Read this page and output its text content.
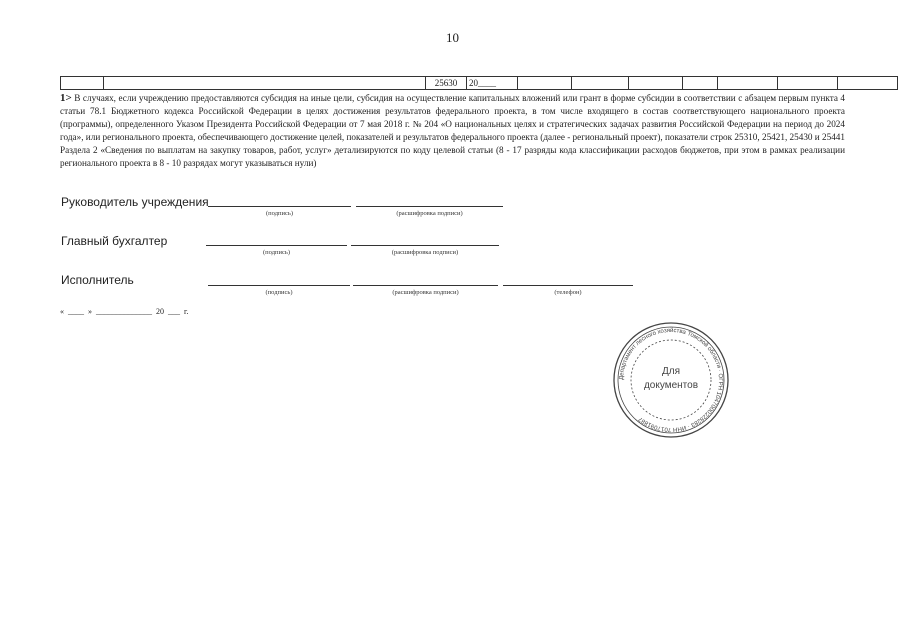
10
		25630	20____							
1> В случаях, если учреждению предоставляются субсидия на иные цели, субсидия на осуществление капитальных вложений или грант в форме субсидии в соответствии с абзацем первым пункта 4 статьи 78.1 Бюджетного кодекса Российской Федерации в целях достижения результатов федерального проекта, в том числе входящего в состав соответствующего национального проекта (программы), определенного Указом Президента Российской Федерации от 7 мая 2018 г. № 204 «О национальных целях и стратегических задачах развития Российской Федерации на период до 2024 года», или регионального проекта, обеспечивающего достижение целей, показателей и результатов федерального проекта (далее - региональный проект), показатели строк 25310, 25421, 25430 и 25441 Раздела 2 «Сведения по выплатам на закупку товаров, работ, услуг» детализируются по коду целевой статьи (8 - 17 разряды кода классификации расходов бюджетов, при этом в рамках реализации регионального проекта в 8 - 10 разрядах могут указываться нули)
Руководитель учреждения
(подпись)	(расшифровка подписи)
Главный бухгалтер
(подпись)	(расшифровка подписи)
Исполнитель
(подпись)	(расшифровка подписи)	(телефон)
«  ____  »  ______________  20  ___  г.
Департамент лесного хозяйства Томской области · ОГРН 1047000228283 · ИНН 7017091887
Для
документов
